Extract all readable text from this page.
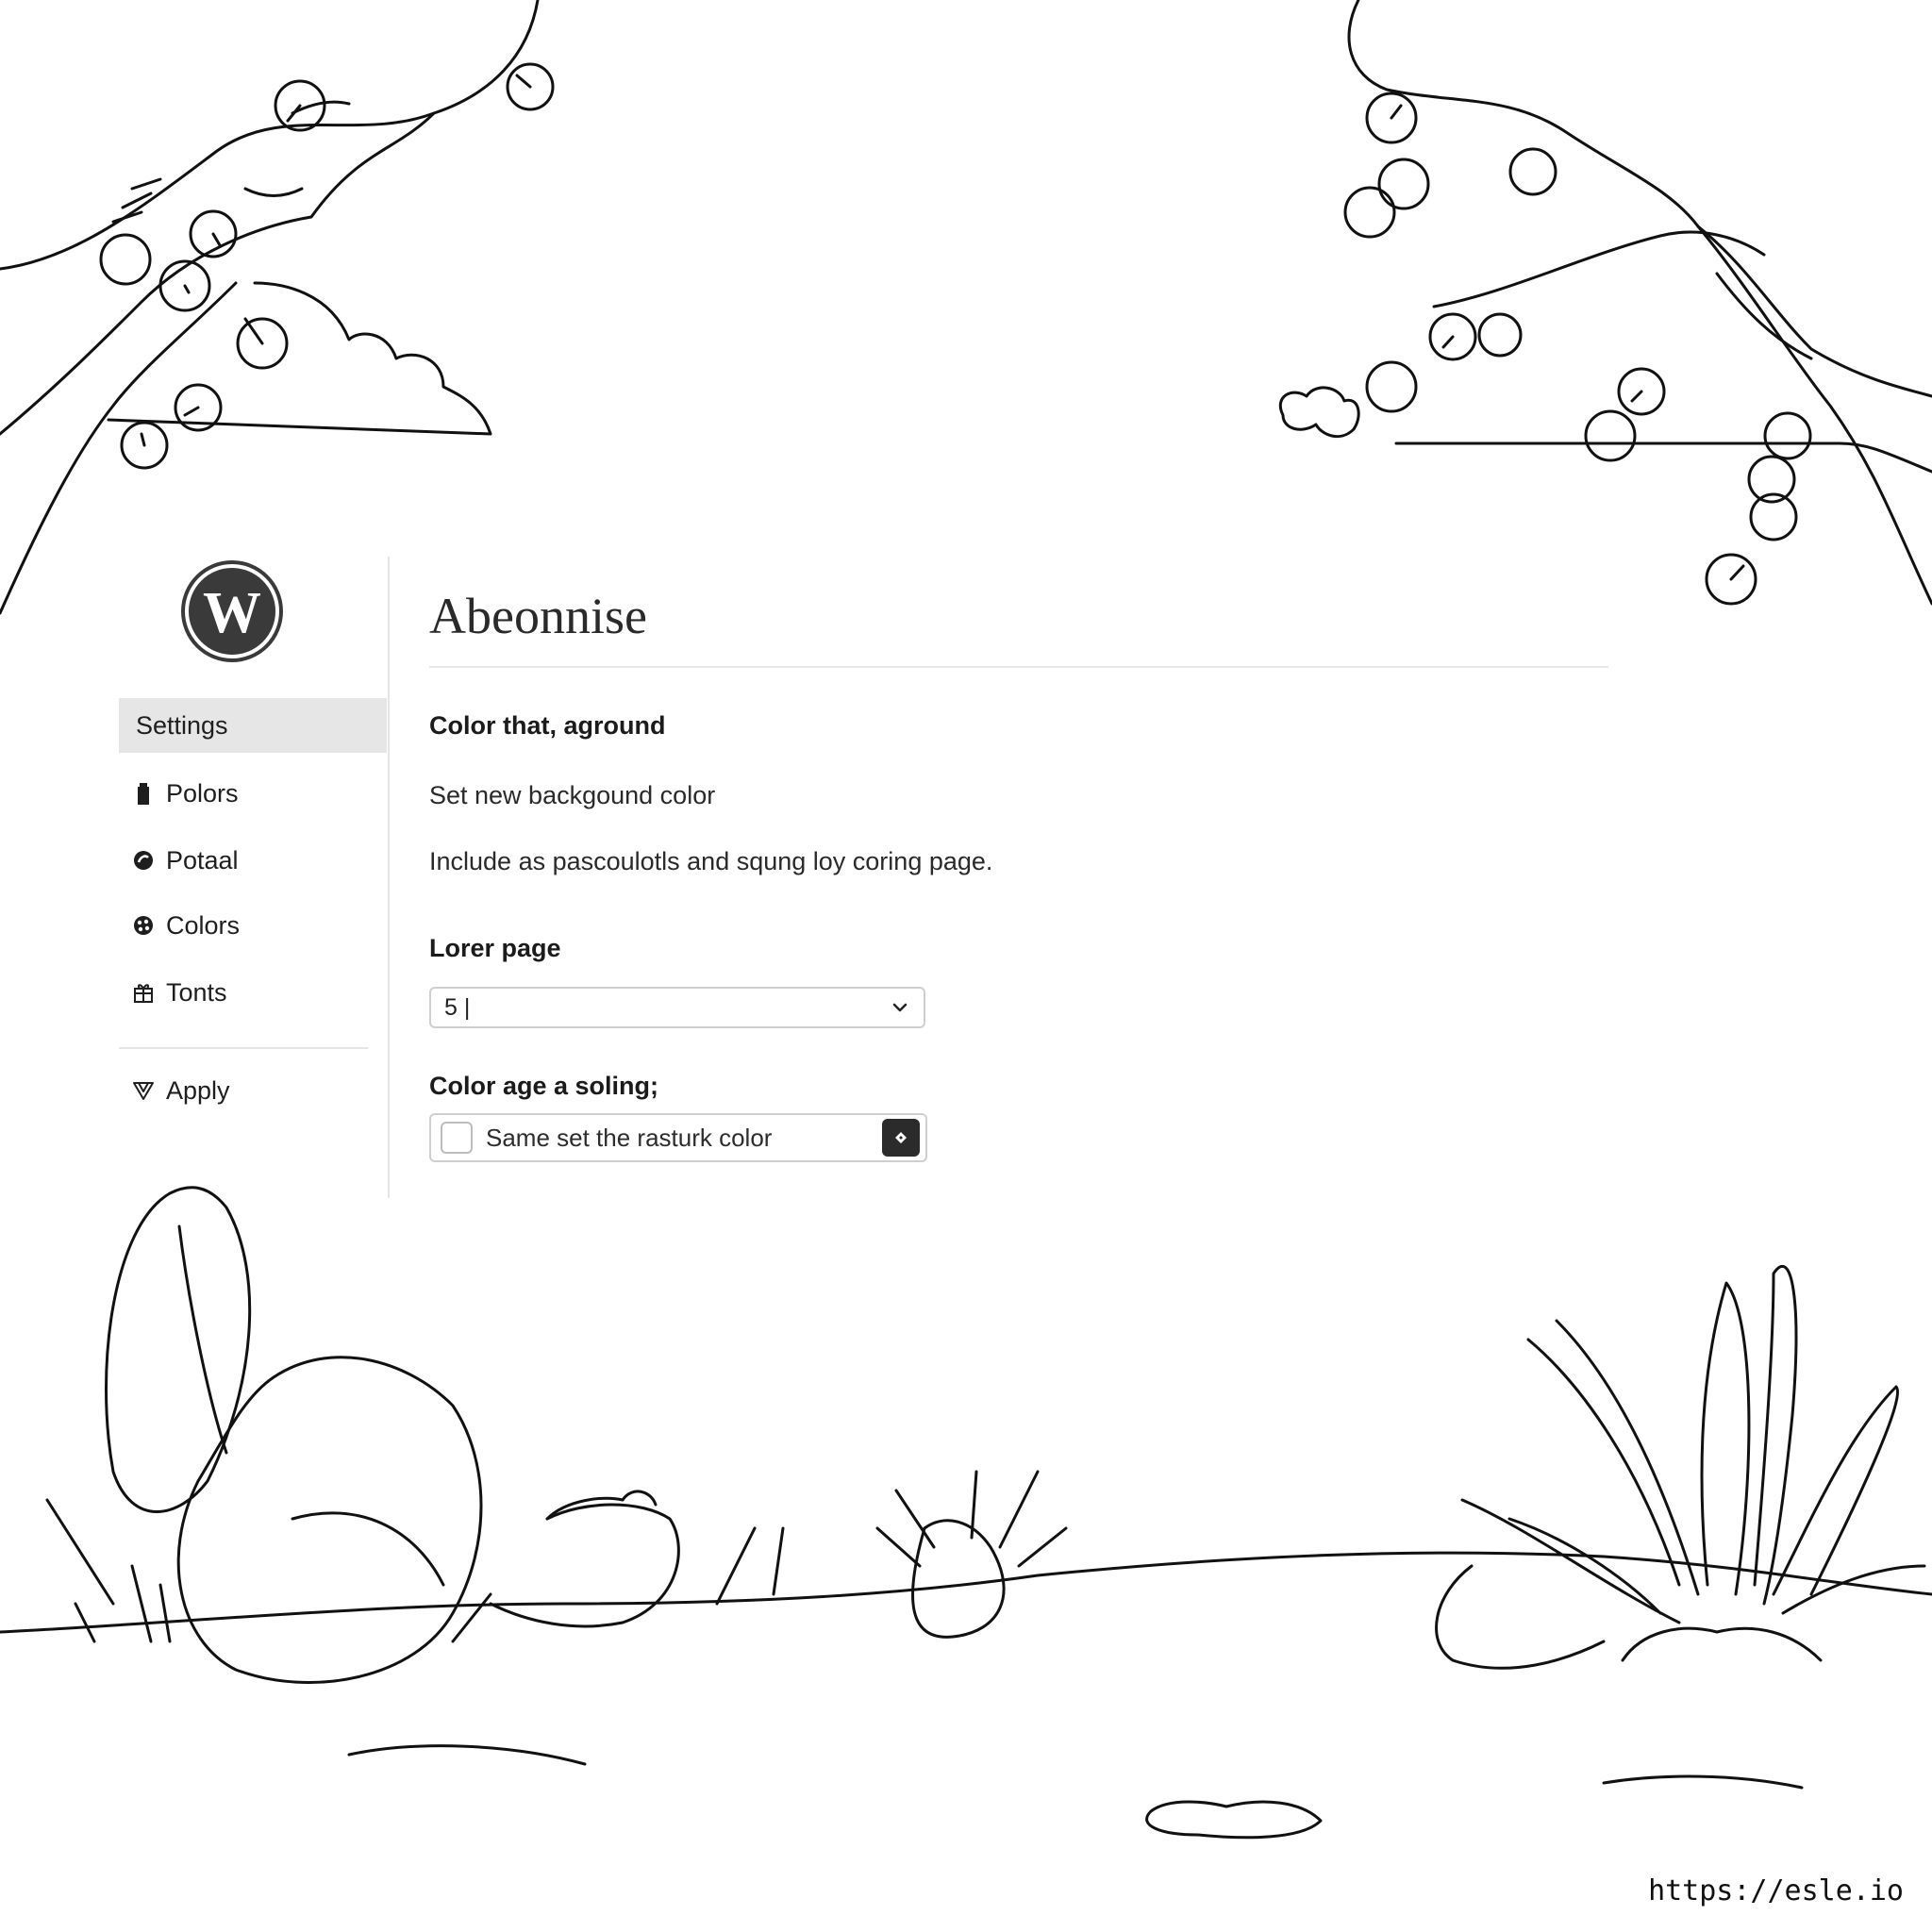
W
Settings
Polors
Potaal
Colors
Tonts
Apply
Abeonnise
Color that, aground
Set new backgound color
Include as pascoulotls and squng loy coring page.
Lorer page
5 |
Color age a soling;
Same set the rasturk color
https://esle.io
